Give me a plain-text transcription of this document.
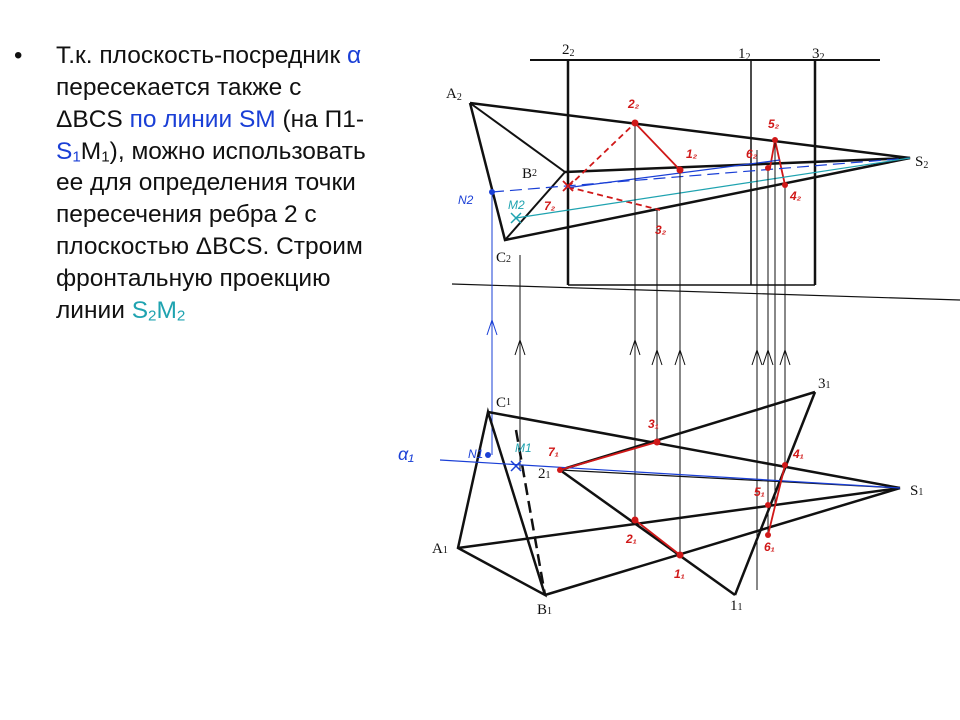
• Т.к. плоскость-посредник α пересекается также с ΔBCS по линии SM (на $П1-S_1M_1$), можно использовать ее для определения точки пересечения ребра 2 с плоскостью ΔBCS. Строим фронтальную проекцию линии $S_2M_2$
A2
B2
C2
S2
22	12	32
C1
A1
B1
S1
21
31
11
2₂
1₂
5₂
6₂
4₂
7₂
3₂
3₁
4₁
7₁
5₁
2₁
6₁
1₁
N2
N1
α₁
M2
M1
